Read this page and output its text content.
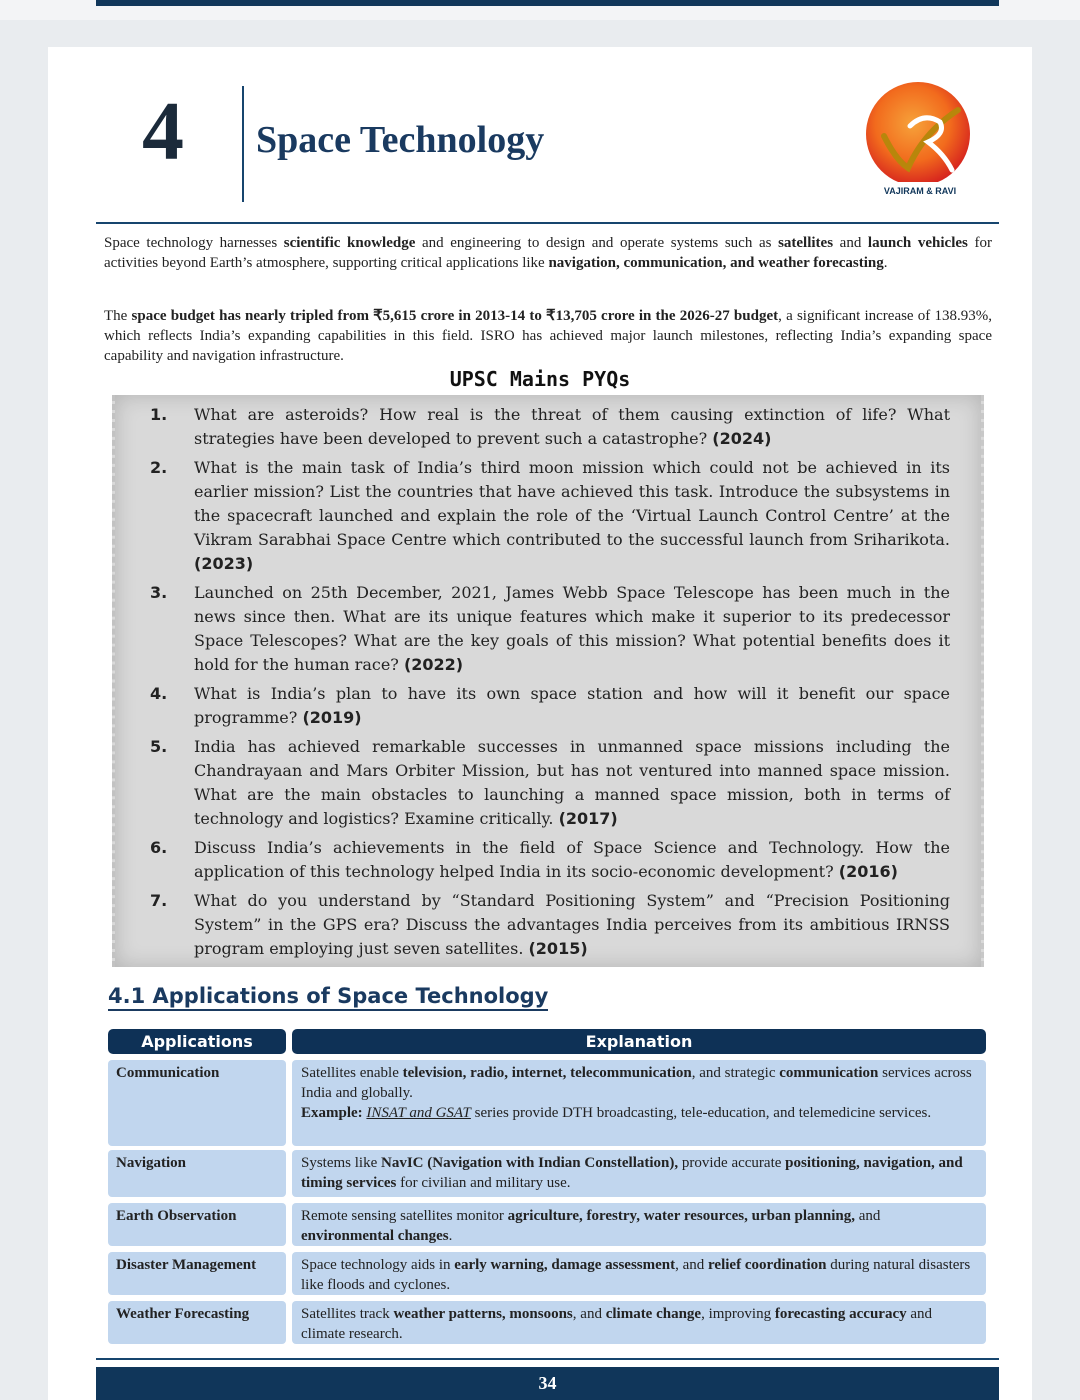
4 Space Technology
VAJIRAM & RAVI
Space technology harnesses scientific knowledge and engineering to design and operate systems such as satellites and launch vehicles for activities beyond Earth’s atmosphere, supporting critical applications like navigation, communication, and weather forecasting.
The space budget has nearly tripled from ₹5,615 crore in 2013-14 to ₹13,705 crore in the 2026-27 budget, a significant increase of 138.93%, which reflects India’s expanding capabilities in this field. ISRO has achieved major launch milestones, reflecting India’s expanding space capability and navigation infrastructure.
UPSC Mains PYQs
1.	What are asteroids? How real is the threat of them causing extinction of life? What strategies have been developed to prevent such a catastrophe? (2024)
2.	What is the main task of India’s third moon mission which could not be achieved in its earlier mission? List the countries that have achieved this task. Introduce the subsystems in the spacecraft launched and explain the role of the ‘Virtual Launch Control Centre’ at the Vikram Sarabhai Space Centre which contributed to the successful launch from Sriharikota. (2023)
3.	Launched on 25th December, 2021, James Webb Space Telescope has been much in the news since then. What are its unique features which make it superior to its predecessor Space Telescopes? What are the key goals of this mission? What potential benefits does it hold for the human race? (2022)
4.	What is India’s plan to have its own space station and how will it benefit our space programme? (2019)
5.	India has achieved remarkable successes in unmanned space missions including the Chandrayaan and Mars Orbiter Mission, but has not ventured into manned space mission. What are the main obstacles to launching a manned space mission, both in terms of technology and logistics? Examine critically. (2017)
6.	Discuss India’s achievements in the field of Space Science and Technology. How the application of this technology helped India in its socio-economic development? (2016)
7.	What do you understand by “Standard Positioning System” and “Precision Positioning System” in the GPS era? Discuss the advantages India perceives from its ambitious IRNSS program employing just seven satellites. (2015)
4.1 Applications of Space Technology
Applications	Explanation
Communication	Satellites enable television, radio, internet, telecommunication, and strategic communication services across India and globally.
Example: INSAT and GSAT series provide DTH broadcasting, tele-education, and telemedicine services.
Navigation	Systems like NavIC (Navigation with Indian Constellation), provide accurate positioning, navigation, and timing services for civilian and military use.
Earth Observation	Remote sensing satellites monitor agriculture, forestry, water resources, urban planning, and environmental changes.
Disaster Management	Space technology aids in early warning, damage assessment, and relief coordination during natural disasters like floods and cyclones.
Weather Forecasting	Satellites track weather patterns, monsoons, and climate change, improving forecasting accuracy and climate research.
34
